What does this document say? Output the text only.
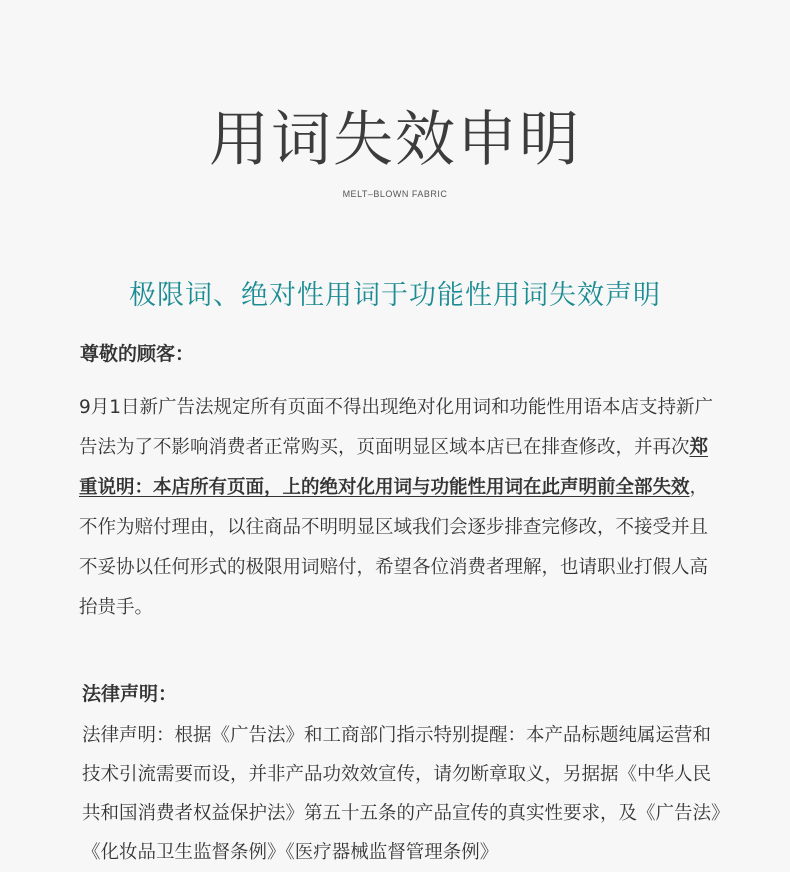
用词失效申明
MELT–BLOWN FABRIC
极限词、绝对性用词于功能性用词失效声明
尊敬的顾客：

9月1日新广告法规定所有页面不得出现绝对化用词和功能性用语本店支持新广告法为了不影响消费者正常购买，页面明显区域本店已在排查修改，并再次郑重说明：本店所有页面，上的绝对化用词与功能性用词在此声明前全部失效，不作为赔付理由，以往商品不明明显区域我们会逐步排查完修改，不接受并且不妥协以任何形式的极限用词赔付，希望各位消费者理解，也请职业打假人高抬贵手。

法律声明：

法律声明：根据《广告法》和工商部门指示特别提醒：本产品标题纯属运营和技术引流需要而设，并非产品功效效宣传，请勿断章取义，另据据《中华人民共和国消费者权益保护法》第五十五条的产品宣传的真实性要求，及《广告法》《化妆品卫生监督条例》《医疗器械监督管理条例》
